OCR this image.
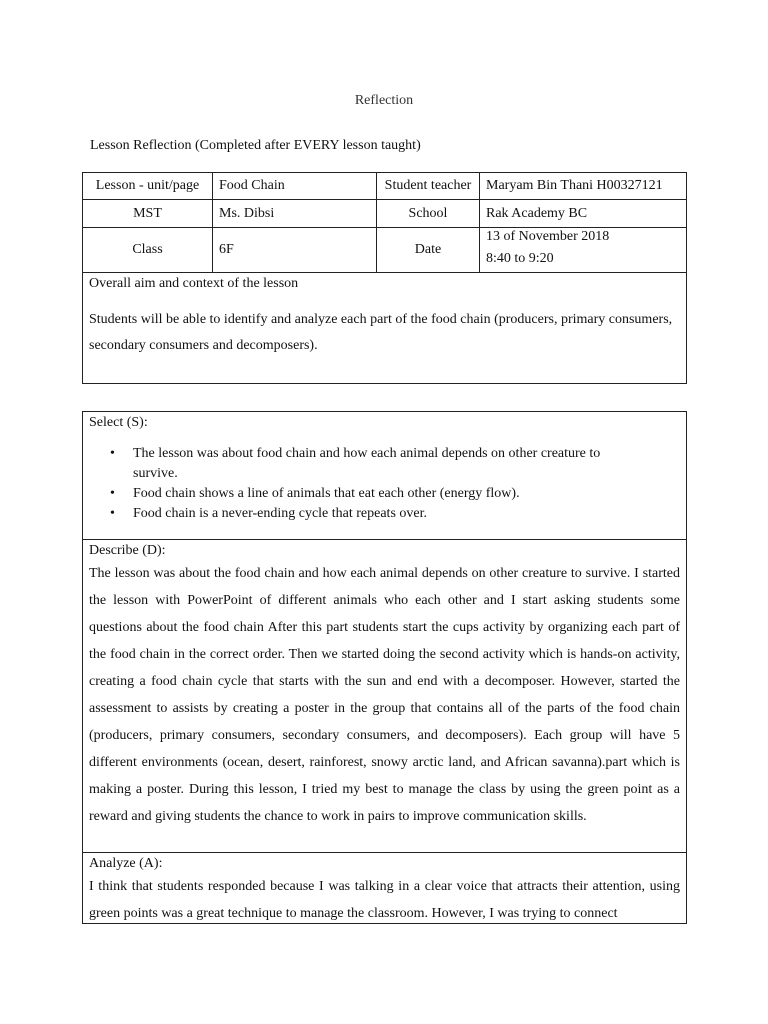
Reflection
Lesson Reflection (Completed after EVERY lesson taught)
Lesson - unit/page	Food Chain	Student teacher	Maryam Bin Thani H00327121
MST	Ms. Dibsi	School	Rak Academy BC
Class	6F	Date	13 of November 2018
8:40 to 9:20

Overall aim and context of the lesson
Students will be able to identify and analyze each part of the food chain (producers, primary consumers, secondary consumers and decomposers).			
Select (S):
• The lesson was about food chain and how each animal depends on other creature to survive.
• Food chain shows a line of animals that eat each other (energy flow).
• Food chain is a never-ending cycle that repeats over.
Describe (D):
The lesson was about the food chain and how each animal depends on other creature to survive. I started the lesson with PowerPoint of different animals who each other and I start asking students some questions about the food chain After this part students start the cups activity by organizing each part of the food chain in the correct order. Then we started doing the second activity which is hands-on activity, creating a food chain cycle that starts with the sun and end with a decomposer. However, started the assessment to assists by creating a poster in the group that contains all of the parts of the food chain (producers, primary consumers, secondary consumers, and decomposers). Each group will have 5 different environments (ocean, desert, rainforest, snowy arctic land, and African savanna).part which is making a poster. During this lesson, I tried my best to manage the class by using the green point as a reward and giving students the chance to work in pairs to improve communication skills.
Analyze (A):
I think that students responded because I was talking in a clear voice that attracts their attention, using green points was a great technique to manage the classroom. However, I was trying to connect
